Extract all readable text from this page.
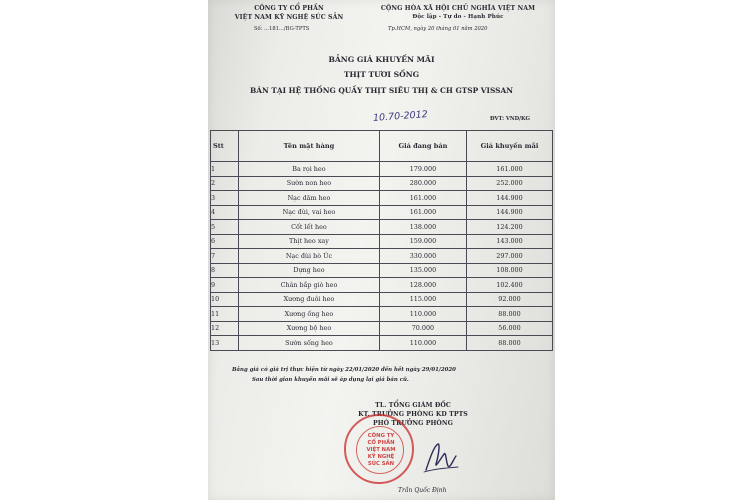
CÔNG TY CỔ PHẦN
VIỆT NAM KỸ NGHỆ SÚC SẢN
Số: ...181.../BG-TPTS
CỘNG HÒA XÃ HỘI CHỦ NGHĨA VIỆT NAM
Độc lập - Tự do - Hạnh Phúc
Tp.HCM, ngày 20 tháng 01 năm 2020
BẢNG GIÁ KHUYẾN MÃI
THỊT TƯƠI SỐNG
BÁN TẠI HỆ THỐNG QUẦY THỊT SIÊU THỊ & CH GTSP VISSAN
10.70-2012	ĐVT: VND/KG
Stt	Tên mặt hàng	Giá đang bán	Giá khuyến mãi
1	Ba rọi heo	179.000	161.000
2	Sườn non heo	280.000	252.000
3	Nạc dăm heo	161.000	144.900
4	Nạc đùi, vai heo	161.000	144.900
5	Cốt lết heo	138.000	124.200
6	Thịt heo xay	159.000	143.000
7	Nạc đùi bò Úc	330.000	297.000
8	Dựng heo	135.000	108.000
9	Chân bắp giò heo	128.000	102.400
10	Xương đuôi heo	115.000	92.000
11	Xương ống heo	110.000	88.000
12	Xương bộ heo	70.000	56.000
13	Sườn sống heo	110.000	88.000
Bảng giá có giá trị thực hiện từ ngày 22/01/2020 đến hết ngày 29/01/2020
Sau thời gian khuyến mãi sẽ áp dụng lại giá bán cũ.
TL. TỔNG GIÁM ĐỐC
KT. TRƯỞNG PHÒNG KD TPTS
PHÓ TRƯỞNG PHÒNG
CÔNG TY
CỔ PHẦN
VIỆT NAM
KỸ NGHỆ
SÚC SẢN
Trần Quốc Định
